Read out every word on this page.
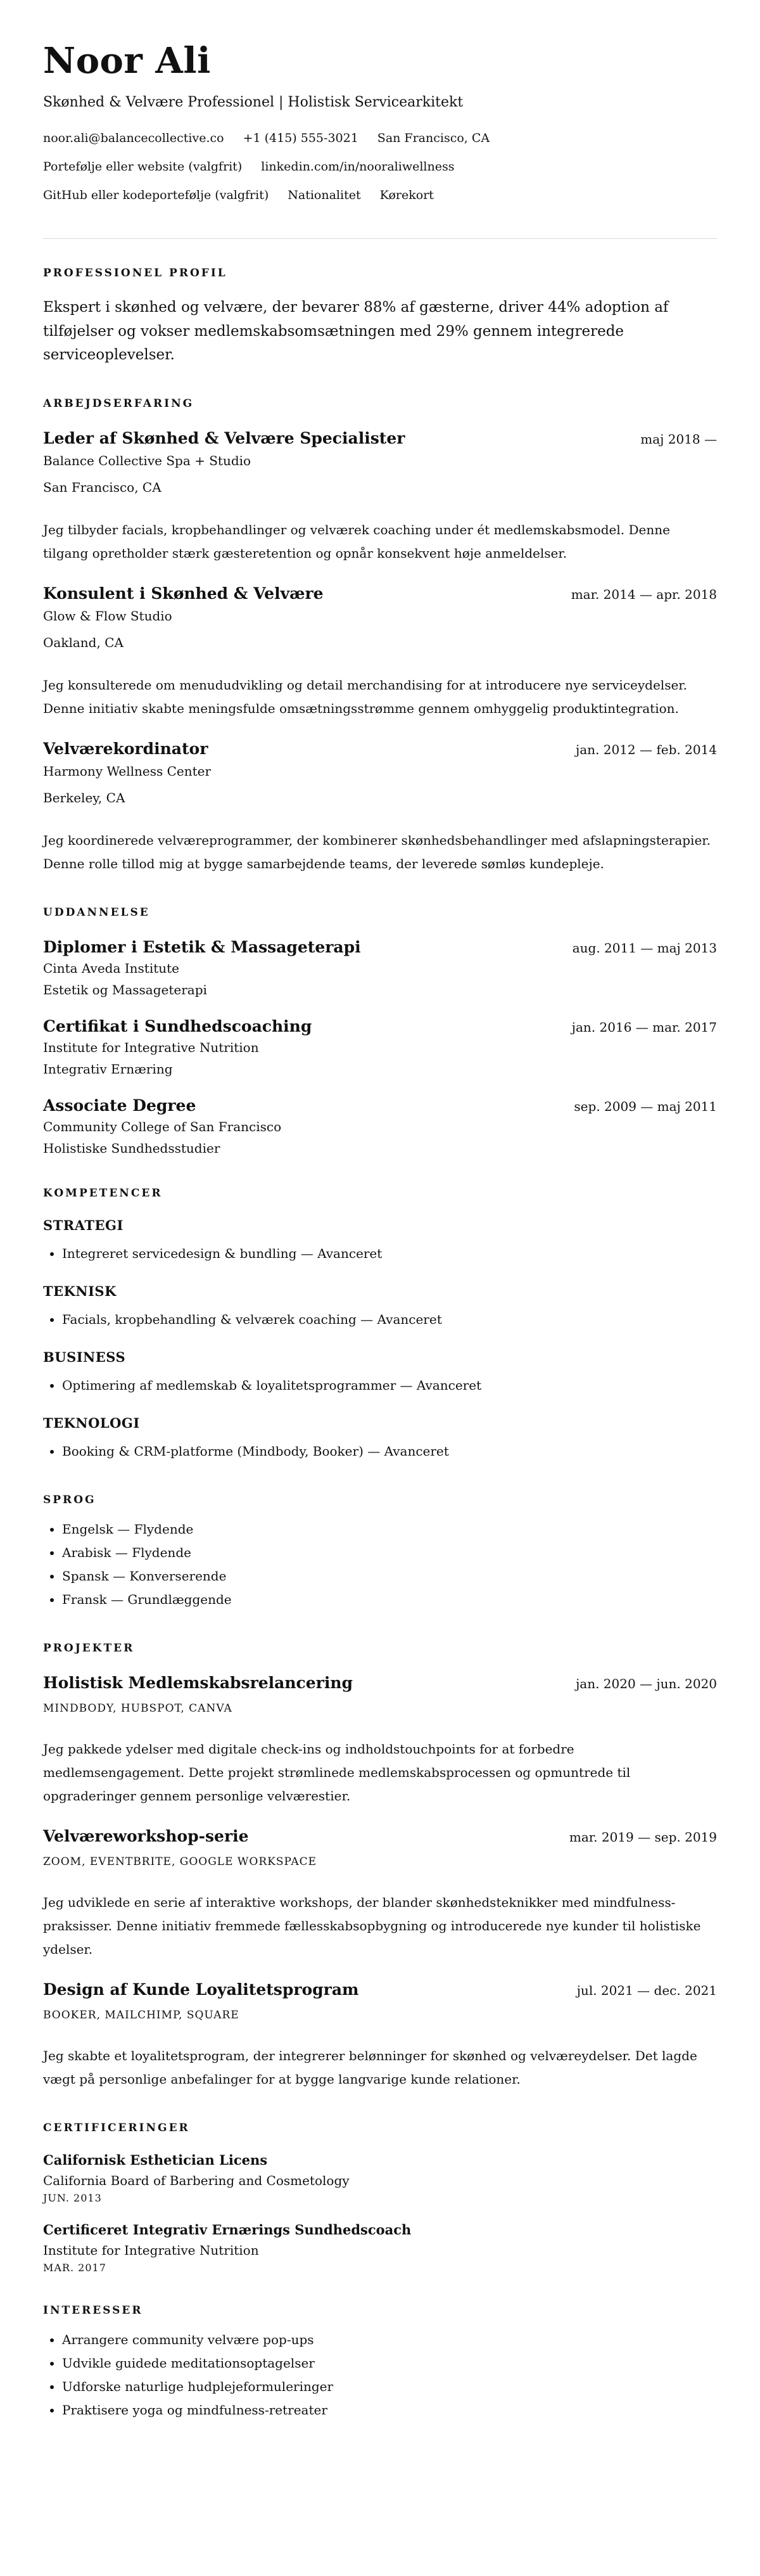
Noor Ali
Skønhed & Velvære Professionel | Holistisk Servicearkitekt
noor.ali@balancecollective.co +1 (415) 555-3021 San Francisco, CA
Portefølje eller website (valgfrit) linkedin.com/in/nooraliwellness
GitHub eller kodeportefølje (valgfrit) Nationalitet Kørekort
PROFESSIONEL PROFIL
Ekspert i skønhed og velvære, der bevarer 88% af gæsterne, driver 44% adoption af tilføjelser og vokser medlemskabsomsætningen med 29% gennem integrerede serviceoplevelser.
ARBEJDSERFARING
Leder af Skønhed & Velvære Specialister	maj 2018 —
Balance Collective Spa + Studio
San Francisco, CA
Jeg tilbyder facials, kropbehandlinger og velværek coaching under ét medlemskabsmodel. Denne tilgang opretholder stærk gæsteretention og opnår konsekvent høje anmeldelser.
Konsulent i Skønhed & Velvære	mar. 2014 — apr. 2018
Glow & Flow Studio
Oakland, CA
Jeg konsulterede om menududvikling og detail merchandising for at introducere nye serviceydelser. Denne initiativ skabte meningsfulde omsætningsstrømme gennem omhyggelig produktintegration.
Velværekordinator	jan. 2012 — feb. 2014
Harmony Wellness Center
Berkeley, CA
Jeg koordinerede velværeprogrammer, der kombinerer skønhedsbehandlinger med afslapningsterapier. Denne rolle tillod mig at bygge samarbejdende teams, der leverede sømløs kundepleje.
UDDANNELSE
Diplomer i Estetik & Massageterapi	aug. 2011 — maj 2013
Cinta Aveda Institute
Estetik og Massageterapi
Certifikat i Sundhedscoaching	jan. 2016 — mar. 2017
Institute for Integrative Nutrition
Integrativ Ernæring
Associate Degree	sep. 2009 — maj 2011
Community College of San Francisco
Holistiske Sundhedsstudier
KOMPETENCER
STRATEGI
• Integreret servicedesign & bundling — Avanceret
TEKNISK
• Facials, kropbehandling & velværek coaching — Avanceret
BUSINESS
• Optimering af medlemskab & loyalitetsprogrammer — Avanceret
TEKNOLOGI
• Booking & CRM-platforme (Mindbody, Booker) — Avanceret
SPROG
• Engelsk — Flydende
• Arabisk — Flydende
• Spansk — Konverserende
• Fransk — Grundlæggende
PROJEKTER
Holistisk Medlemskabsrelancering	jan. 2020 — jun. 2020
MINDBODY, HUBSPOT, CANVA
Jeg pakkede ydelser med digitale check-ins og indholdstouchpoints for at forbedre medlemsengagement. Dette projekt strømlinede medlemskabsprocessen og opmuntrede til opgraderinger gennem personlige velværestier.
Velværeworkshop-serie	mar. 2019 — sep. 2019
ZOOM, EVENTBRITE, GOOGLE WORKSPACE
Jeg udviklede en serie af interaktive workshops, der blander skønhedsteknikker med mindfulness-praksisser. Denne initiativ fremmede fællesskabsopbygning og introducerede nye kunder til holistiske ydelser.
Design af Kunde Loyalitetsprogram	jul. 2021 — dec. 2021
BOOKER, MAILCHIMP, SQUARE
Jeg skabte et loyalitetsprogram, der integrerer belønninger for skønhed og velværeydelser. Det lagde vægt på personlige anbefalinger for at bygge langvarige kunde relationer.
CERTIFICERINGER
Californisk Esthetician Licens
California Board of Barbering and Cosmetology
JUN. 2013
Certificeret Integrativ Ernærings Sundhedscoach
Institute for Integrative Nutrition
MAR. 2017
INTERESSER
• Arrangere community velvære pop-ups
• Udvikle guidede meditationsoptagelser
• Udforske naturlige hudplejeformuleringer
• Praktisere yoga og mindfulness-retreater
